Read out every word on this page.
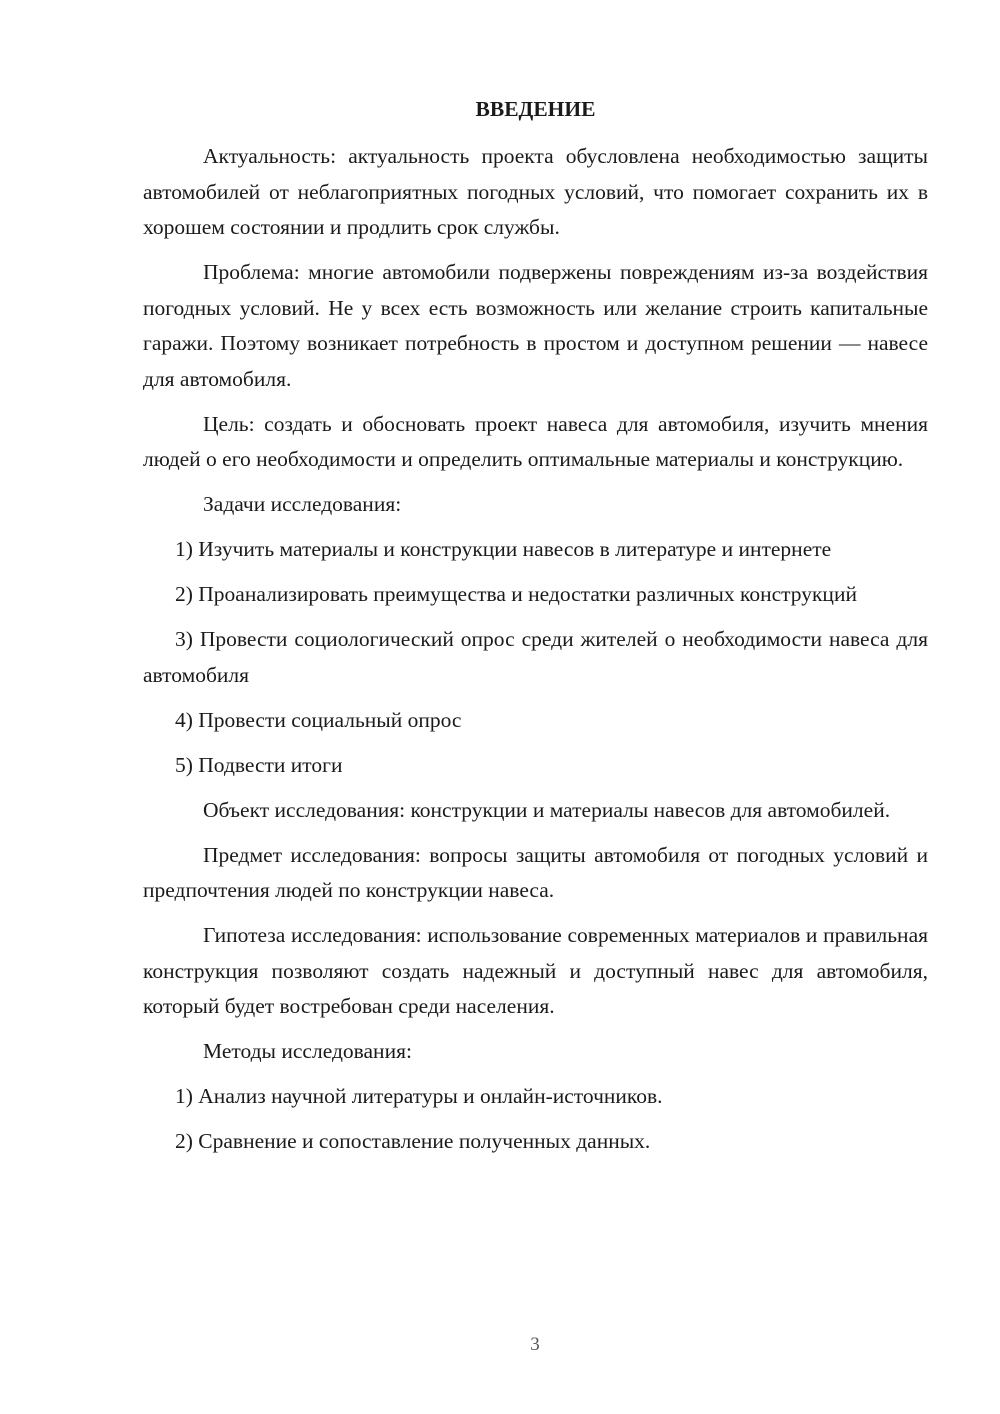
ВВЕДЕНИЕ

Актуальность: актуальность проекта обусловлена необходимостью защиты автомобилей от неблагоприятных погодных условий, что помогает сохранить их в хорошем состоянии и продлить срок службы.

Проблема: многие автомобили подвержены повреждениям из-за воздействия погодных условий. Не у всех есть возможность или желание строить капитальные гаражи. Поэтому возникает потребность в простом и доступном решении — навесе для автомобиля.

Цель: создать и обосновать проект навеса для автомобиля, изучить мнения людей о его необходимости и определить оптимальные материалы и конструкцию.

Задачи исследования:

1) Изучить материалы и конструкции навесов в литературе и интернете

2) Проанализировать преимущества и недостатки различных конструкций

3) Провести социологический опрос среди жителей о необходимости навеса для автомобиля

4) Провести социальный опрос

5) Подвести итоги

Объект исследования: конструкции и материалы навесов для автомобилей.

Предмет исследования: вопросы защиты автомобиля от погодных условий и предпочтения людей по конструкции навеса.

Гипотеза исследования: использование современных материалов и правильная конструкция позволяют создать надежный и доступный навес для автомобиля, который будет востребован среди населения.

Методы исследования:

1) Анализ научной литературы и онлайн-источников.

2) Сравнение и сопоставление полученных данных.

3
